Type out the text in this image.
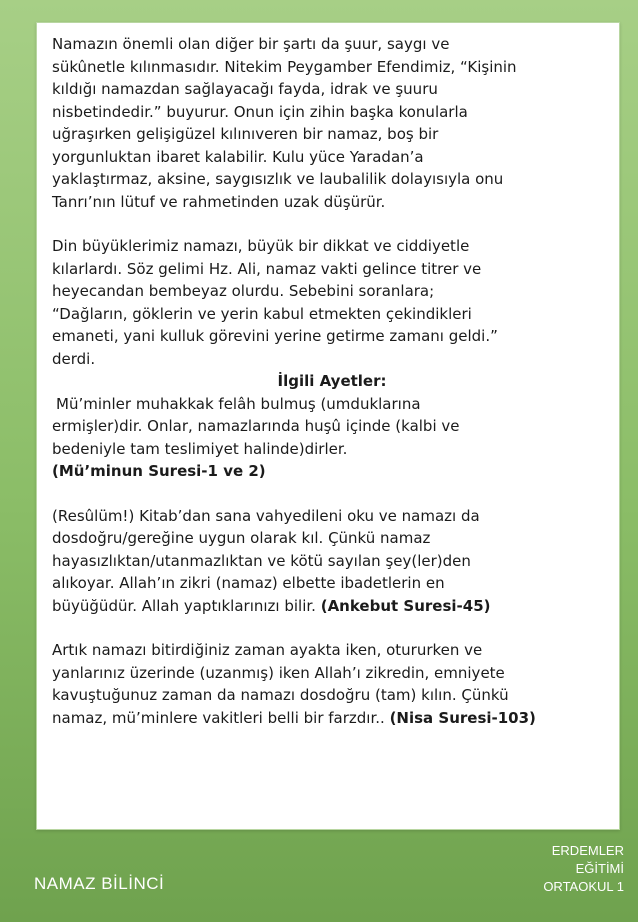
Namazın önemli olan diğer bir şartı da şuur, saygı ve

sükûnetle kılınmasıdır. Nitekim Peygamber Efendimiz, “Kişinin

kıldığı namazdan sağlayacağı fayda, idrak ve şuuru

nisbetindedir.” buyurur. Onun için zihin başka konularla

uğraşırken gelişigüzel kılınıveren bir namaz, boş bir

yorgunluktan ibaret kalabilir. Kulu yüce Yaradan’a

yaklaştırmaz, aksine, saygısızlık ve laubalilik dolayısıyla onu

Tanrı’nın lütuf ve rahmetinden uzak düşürür.

Din büyüklerimiz namazı, büyük bir dikkat ve ciddiyetle

kılarlardı. Söz gelimi Hz. Ali, namaz vakti gelince titrer ve

heyecandan bembeyaz olurdu. Sebebini soranlara;

“Dağların, göklerin ve yerin kabul etmekten çekindikleri

emaneti, yani kulluk görevini yerine getirme zamanı geldi.”

derdi.

İlgili Ayetler:

Mü’minler muhakkak felâh bulmuş (umduklarına

ermişler)dir. Onlar, namazlarında huşû içinde (kalbi ve

bedeniyle tam teslimiyet halinde)dirler.

(Mü’minun Suresi-1 ve 2)

(Resûlüm!) Kitab’dan sana vahyedileni oku ve namazı da

dosdoğru/gereğine uygun olarak kıl. Çünkü namaz

hayasızlıktan/utanmazlıktan ve kötü sayılan şey(ler)den

alıkoyar. Allah’ın zikri (namaz) elbette ibadetlerin en

büyüğüdür. Allah yaptıklarınızı bilir. (Ankebut Suresi-45)

Artık namazı bitirdiğiniz zaman ayakta iken, otururken ve

yanlarınız üzerinde (uzanmış) iken Allah’ı zikredin, emniyete

kavuştuğunuz zaman da namazı dosdoğru (tam) kılın. Çünkü

namaz, mü’minlere vakitleri belli bir farzdır.. (Nisa Suresi-103)

NAMAZ BİLİNCİ
ERDEMLER
EĞİTİMİ
ORTAOKUL 1
